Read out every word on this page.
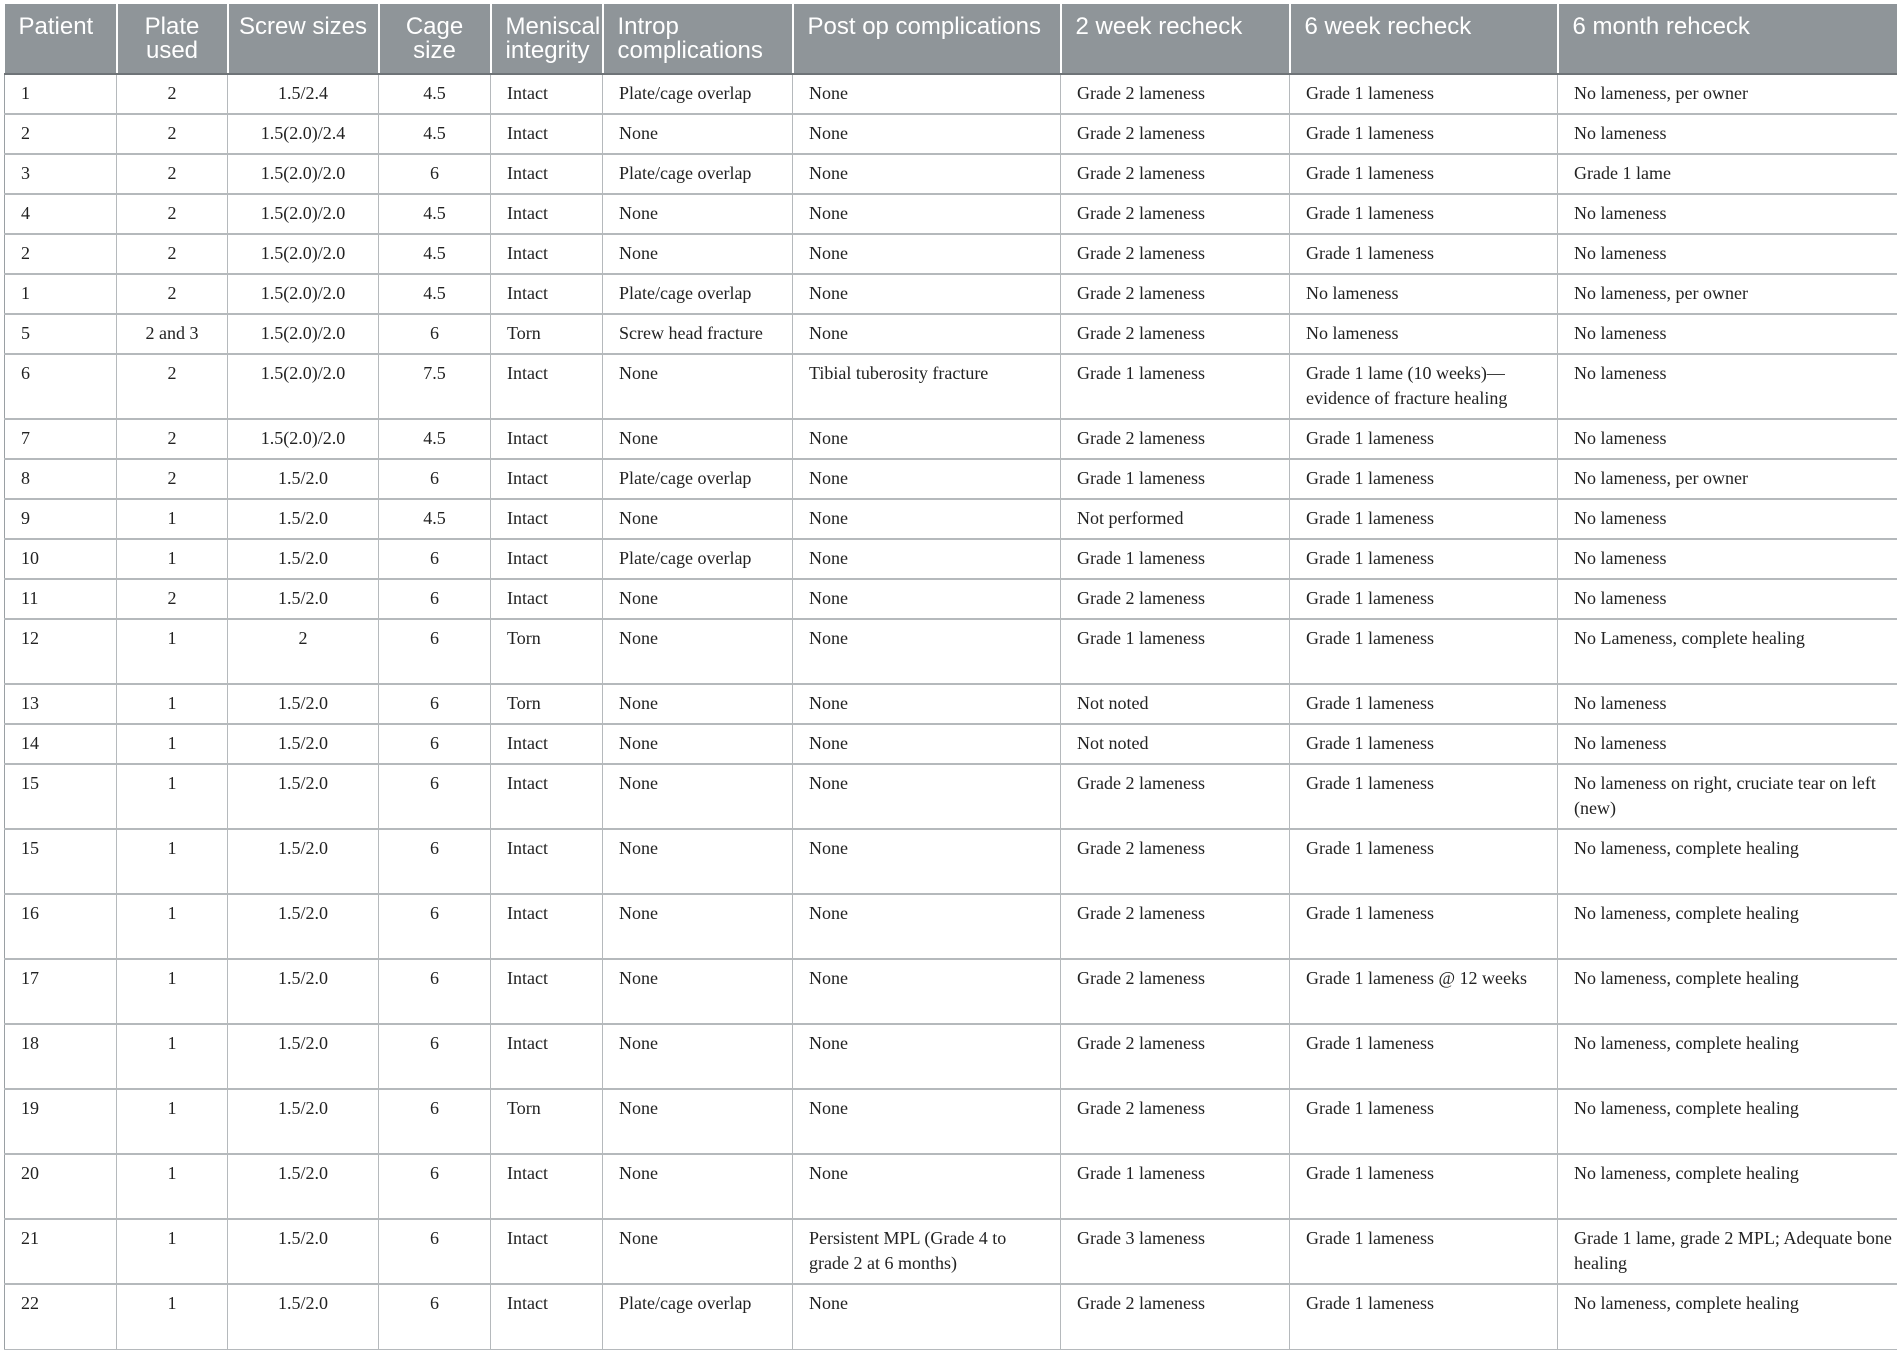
Patient	Plate used	Screw sizes	Cage size	Meniscal integrity	Introp complications	Post op complications	2 week recheck	6 week recheck	6 month rehceck
1	2	1.5/2.4	4.5	Intact	Plate/cage overlap	None	Grade 2 lameness	Grade 1 lameness	No lameness, per owner
2	2	1.5(2.0)/2.4	4.5	Intact	None	None	Grade 2 lameness	Grade 1 lameness	No lameness
3	2	1.5(2.0)/2.0	6	Intact	Plate/cage overlap	None	Grade 2 lameness	Grade 1 lameness	Grade 1 lame
4	2	1.5(2.0)/2.0	4.5	Intact	None	None	Grade 2 lameness	Grade 1 lameness	No lameness
2	2	1.5(2.0)/2.0	4.5	Intact	None	None	Grade 2 lameness	Grade 1 lameness	No lameness
1	2	1.5(2.0)/2.0	4.5	Intact	Plate/cage overlap	None	Grade 2 lameness	No lameness	No lameness, per owner
5	2 and 3	1.5(2.0)/2.0	6	Torn	Screw head fracture	None	Grade 2 lameness	No lameness	No lameness
6	2	1.5(2.0)/2.0	7.5	Intact	None	Tibial tuberosity fracture	Grade 1 lameness	Grade 1 lame (10 weeks)—evidence of fracture healing	No lameness
7	2	1.5(2.0)/2.0	4.5	Intact	None	None	Grade 2 lameness	Grade 1 lameness	No lameness
8	2	1.5/2.0	6	Intact	Plate/cage overlap	None	Grade 1 lameness	Grade 1 lameness	No lameness, per owner
9	1	1.5/2.0	4.5	Intact	None	None	Not performed	Grade 1 lameness	No lameness
10	1	1.5/2.0	6	Intact	Plate/cage overlap	None	Grade 1 lameness	Grade 1 lameness	No lameness
11	2	1.5/2.0	6	Intact	None	None	Grade 2 lameness	Grade 1 lameness	No lameness
12	1	2	6	Torn	None	None	Grade 1 lameness	Grade 1 lameness	No Lameness, complete healing
13	1	1.5/2.0	6	Torn	None	None	Not noted	Grade 1 lameness	No lameness
14	1	1.5/2.0	6	Intact	None	None	Not noted	Grade 1 lameness	No lameness
15	1	1.5/2.0	6	Intact	None	None	Grade 2 lameness	Grade 1 lameness	No lameness on right, cruciate tear on left (new)
15	1	1.5/2.0	6	Intact	None	None	Grade 2 lameness	Grade 1 lameness	No lameness, complete healing
16	1	1.5/2.0	6	Intact	None	None	Grade 2 lameness	Grade 1 lameness	No lameness, complete healing
17	1	1.5/2.0	6	Intact	None	None	Grade 2 lameness	Grade 1 lameness @ 12 weeks	No lameness, complete healing
18	1	1.5/2.0	6	Intact	None	None	Grade 2 lameness	Grade 1 lameness	No lameness, complete healing
19	1	1.5/2.0	6	Torn	None	None	Grade 2 lameness	Grade 1 lameness	No lameness, complete healing
20	1	1.5/2.0	6	Intact	None	None	Grade 1 lameness	Grade 1 lameness	No lameness, complete healing
21	1	1.5/2.0	6	Intact	None	Persistent MPL (Grade 4 to grade 2 at 6 months)	Grade 3 lameness	Grade 1 lameness	Grade 1 lame, grade 2 MPL; Adequate bone healing
22	1	1.5/2.0	6	Intact	Plate/cage overlap	None	Grade 2 lameness	Grade 1 lameness	No lameness, complete healing
